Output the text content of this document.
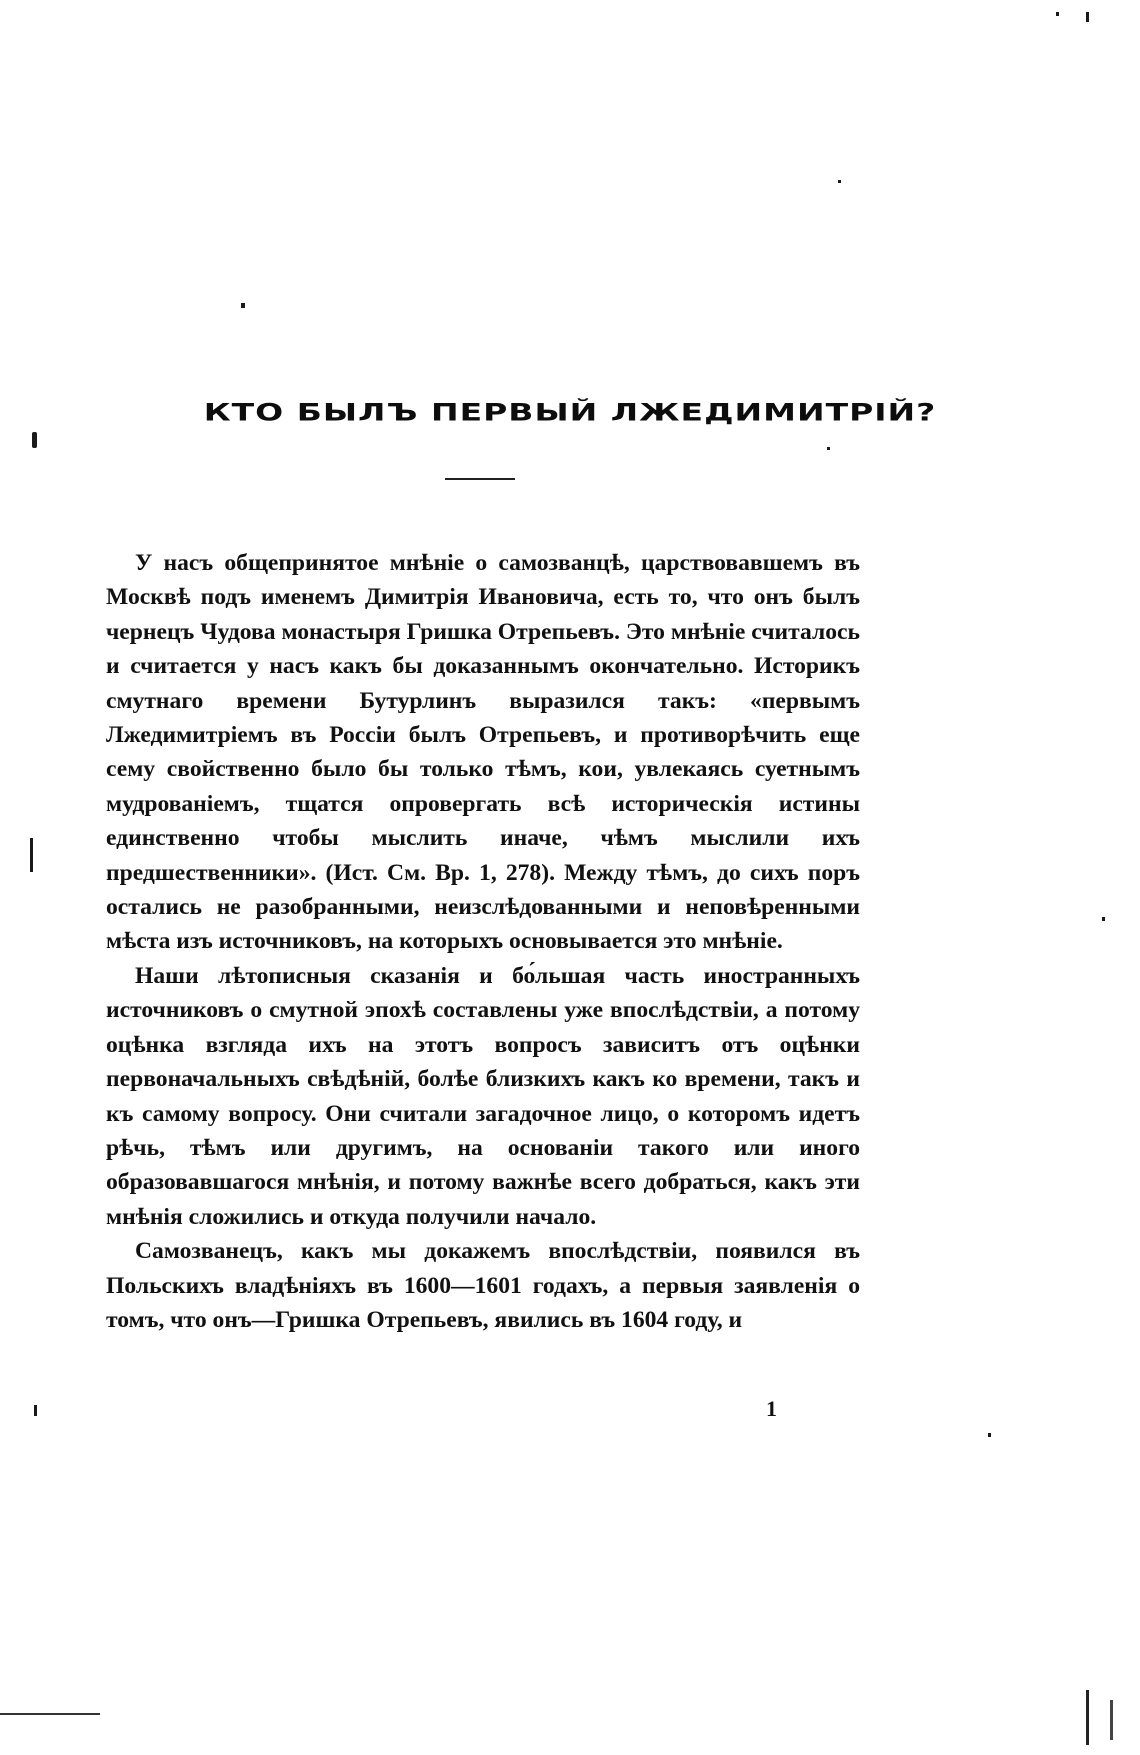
КТО БЫЛЪ ПЕРВЫЙ ЛЖЕДИМИТРІЙ?

У насъ общепринятое мнѣніе о самозванцѣ, царствовавшемъ въ Москвѣ подъ именемъ Димитрія Ивановича, есть то, что онъ былъ чернецъ Чудова монастыря Гришка Отрепьевъ. Это мнѣніе считалось и считается у насъ какъ бы доказаннымъ окончательно. Историкъ смутнаго времени Бутурлинъ выразился такъ: «первымъ Лжедимитріемъ въ Россіи былъ Отрепьевъ, и противорѣчить еще сему свойственно было бы только тѣмъ, кои, увлекаясь суетнымъ мудрованіемъ, тщатся опровергать всѣ историческія истины единственно чтобы мыслить иначе, чѣмъ мыслили ихъ предшественники». (Ист. См. Вр. 1, 278). Между тѣмъ, до сихъ поръ остались не разобранными, неизслѣдованными и неповѣренными мѣста изъ источниковъ, на которыхъ основывается это мнѣніе.

Наши лѣтописныя сказанія и бо́льшая часть иностранныхъ источниковъ о смутной эпохѣ составлены уже впослѣдствіи, а потому оцѣнка взгляда ихъ на этотъ вопросъ зависитъ отъ оцѣнки первоначальныхъ свѣдѣній, болѣе близкихъ какъ ко времени, такъ и къ самому вопросу. Они считали загадочное лицо, о которомъ идетъ рѣчь, тѣмъ или другимъ, на основаніи такого или иного образовавшагося мнѣнія, и потому важнѣе всего добраться, какъ эти мнѣнія сложились и откуда получили начало.

Самозванецъ, какъ мы докажемъ впослѣдствіи, появился въ Польскихъ владѣніяхъ въ 1600—1601 годахъ, а первыя заявленія о томъ, что онъ—Гришка Отрепьевъ, явились въ 1604 году, и

1
